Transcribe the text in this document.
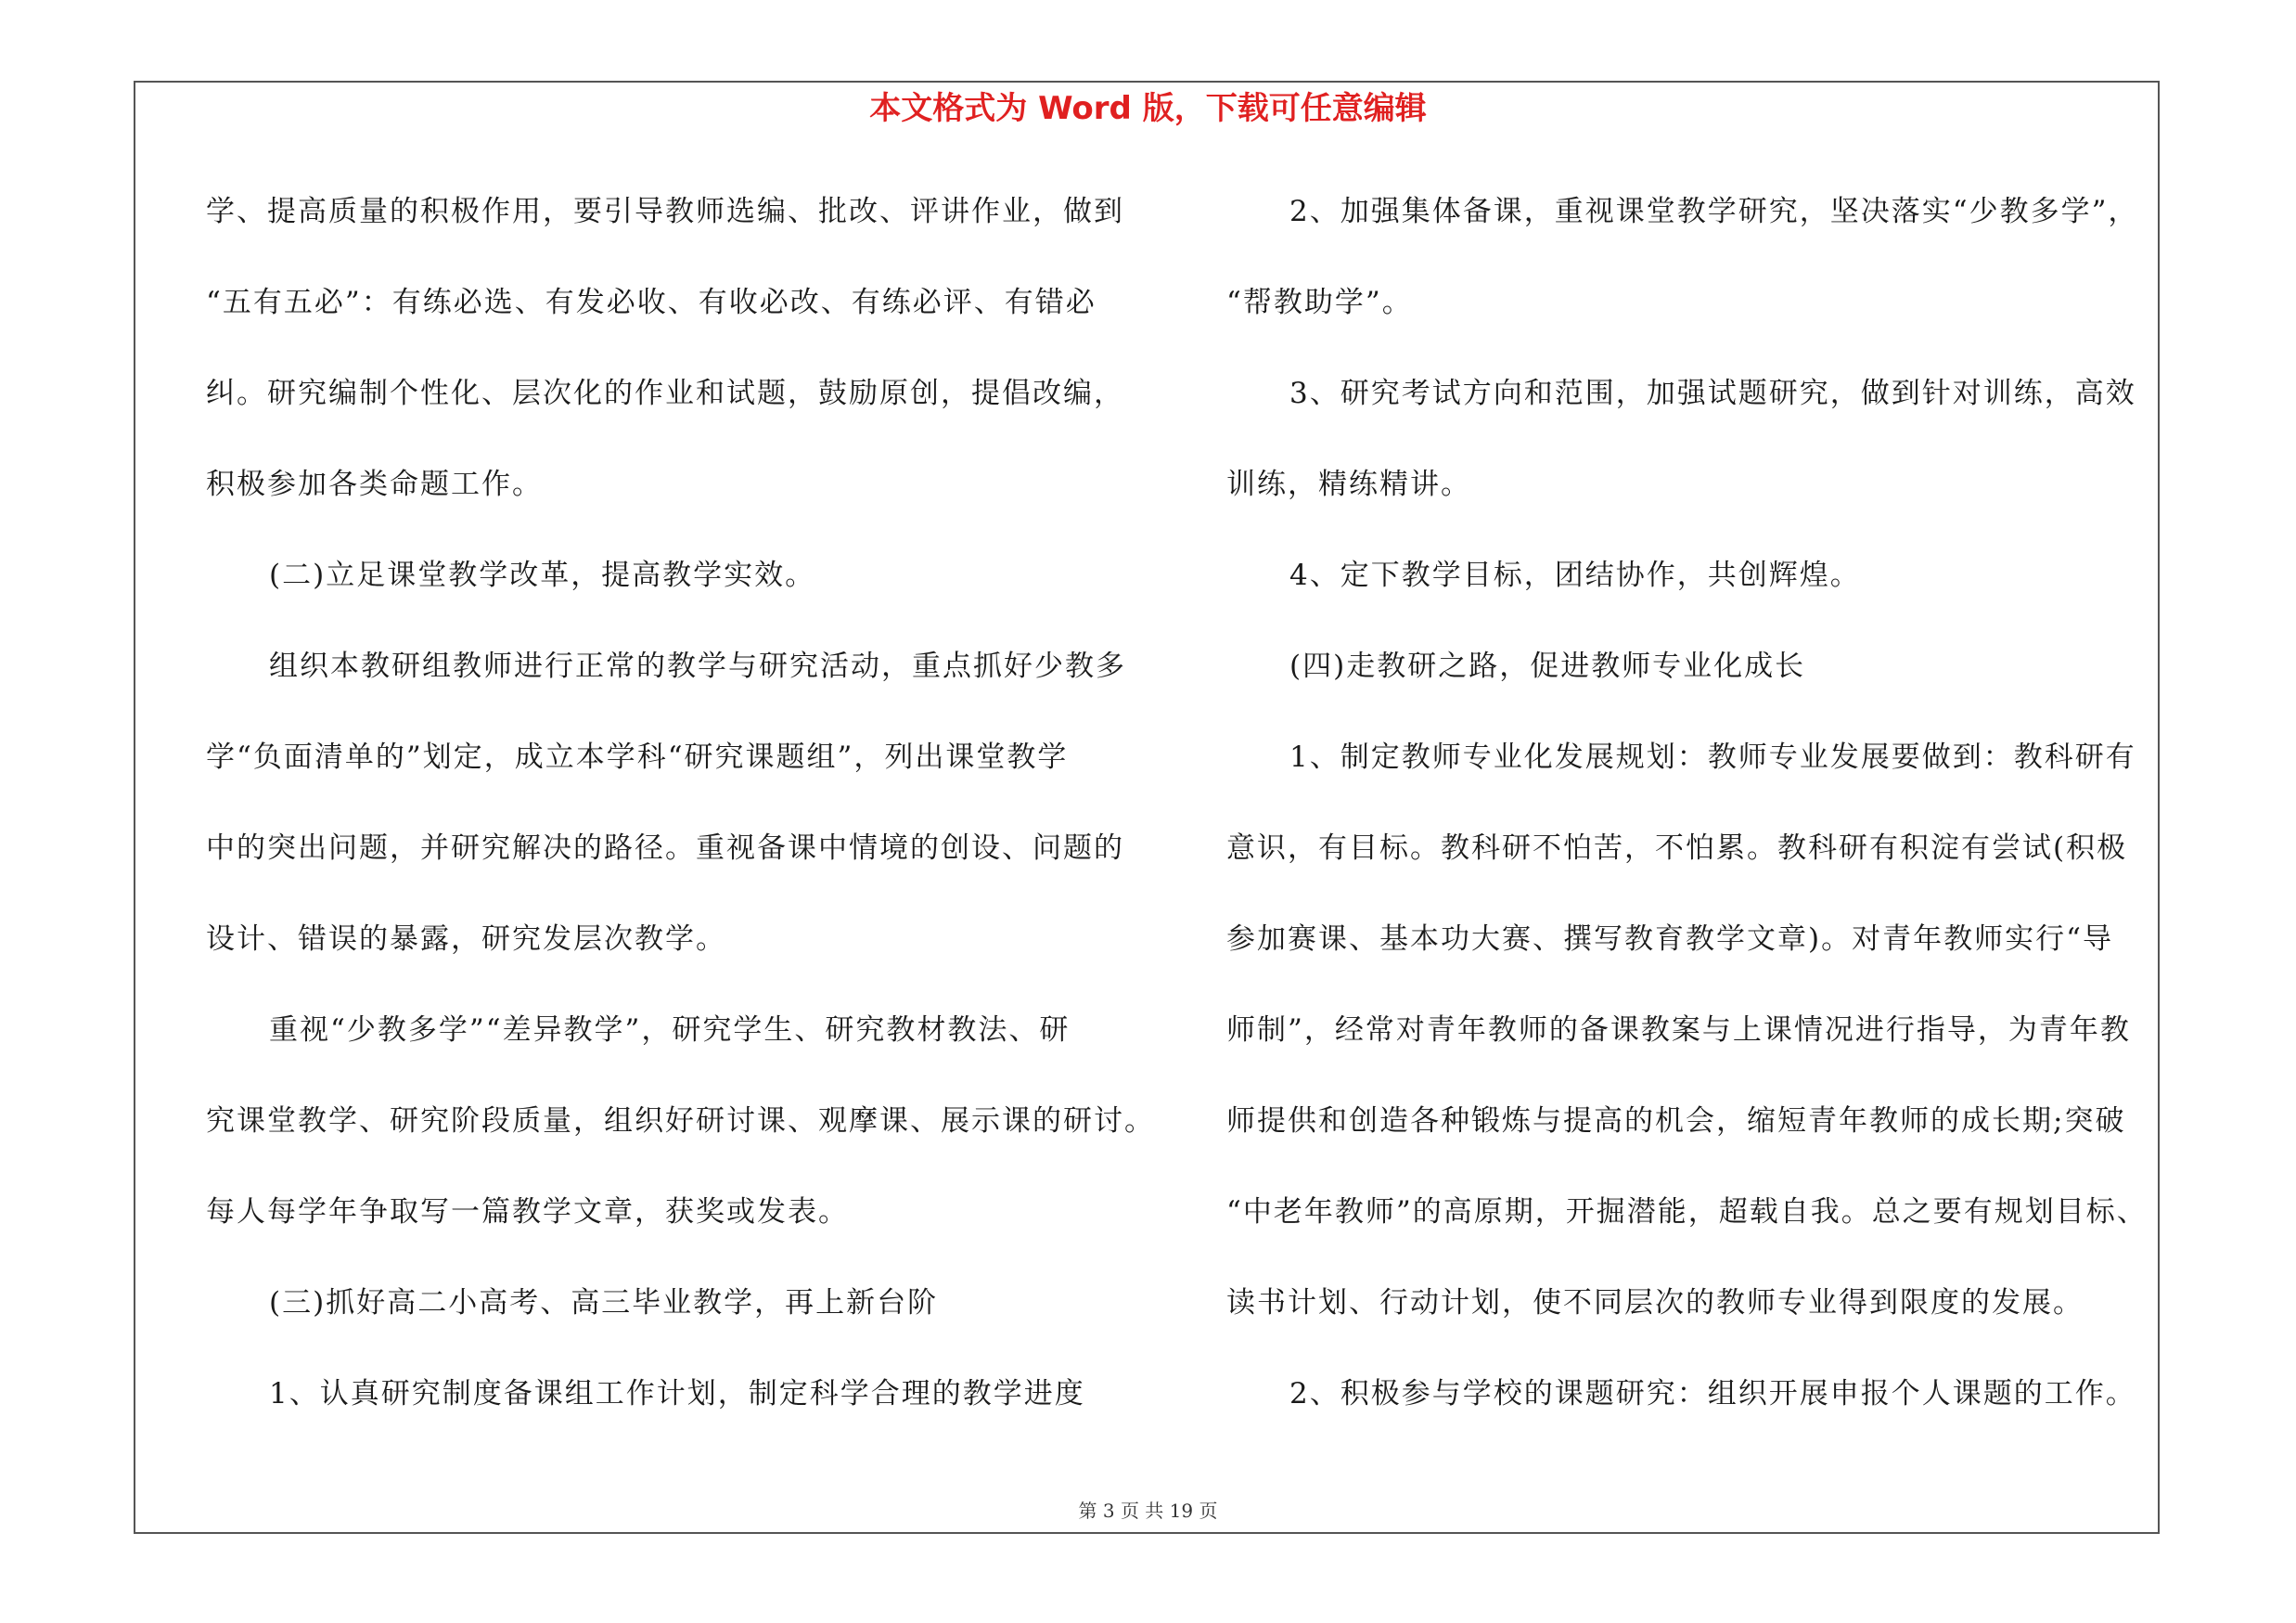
本文格式为 Word 版，下载可任意编辑
学、提高质量的积极作用，要引导教师选编、批改、评讲作业，做到
“五有五必”：有练必选、有发必收、有收必改、有练必评、有错必
纠。研究编制个性化、层次化的作业和试题，鼓励原创，提倡改编，
积极参加各类命题工作。
(二)立足课堂教学改革，提高教学实效。
组织本教研组教师进行正常的教学与研究活动，重点抓好少教多
学“负面清单的”划定，成立本学科“研究课题组”，列出课堂教学
中的突出问题，并研究解决的路径。重视备课中情境的创设、问题的
设计、错误的暴露，研究发层次教学。
重视“少教多学”“差异教学”，研究学生、研究教材教法、研
究课堂教学、研究阶段质量，组织好研讨课、观摩课、展示课的研讨。
每人每学年争取写一篇教学文章，获奖或发表。
(三)抓好高二小高考、高三毕业教学，再上新台阶
1、认真研究制度备课组工作计划，制定科学合理的教学进度
2、加强集体备课，重视课堂教学研究，坚决落实“少教多学”，
“帮教助学”。
3、研究考试方向和范围，加强试题研究，做到针对训练，高效
训练，精练精讲。
4、定下教学目标，团结协作，共创辉煌。
(四)走教研之路，促进教师专业化成长
1、制定教师专业化发展规划：教师专业发展要做到：教科研有
意识，有目标。教科研不怕苦，不怕累。教科研有积淀有尝试(积极
参加赛课、基本功大赛、撰写教育教学文章)。对青年教师实行“导
师制”，经常对青年教师的备课教案与上课情况进行指导，为青年教
师提供和创造各种锻炼与提高的机会，缩短青年教师的成长期;突破
“中老年教师”的高原期，开掘潜能，超载自我。总之要有规划目标、
读书计划、行动计划，使不同层次的教师专业得到限度的发展。
2、积极参与学校的课题研究：组织开展申报个人课题的工作。
第 3 页 共 19 页
